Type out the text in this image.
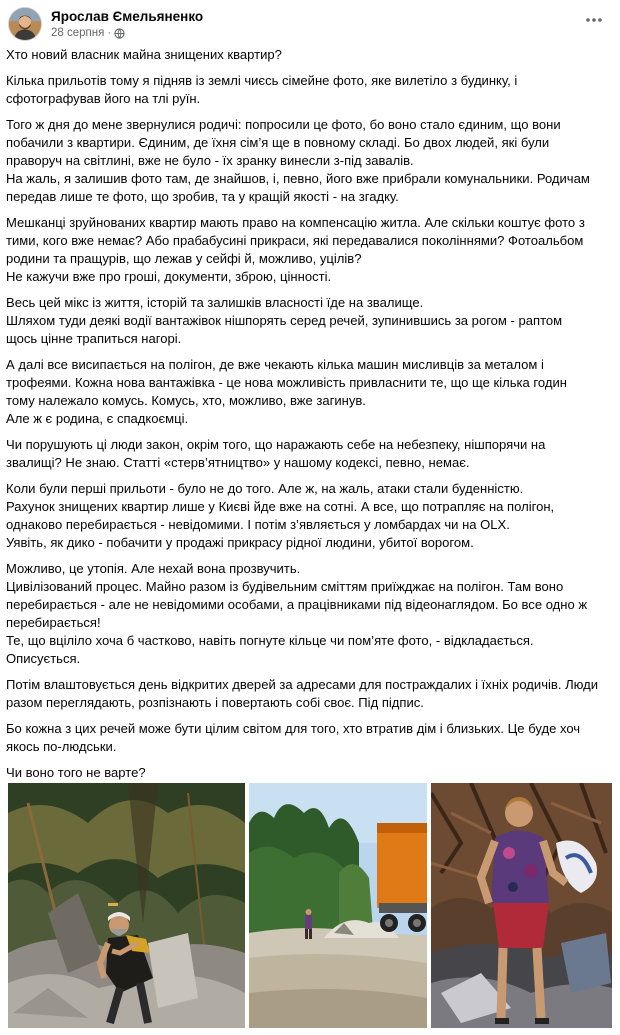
Ярослав Ємельяненко
28 серпня ·
Хто новий власник майна знищених квартир?
Кілька прильотів тому я підняв із землі чиєсь сімейне фото, яке вилетіло з будинку, і
сфотографував його на тлі руїн.
Того ж дня до мене звернулися родичі: попросили це фото, бо воно стало єдиним, що вони
побачили з квартири. Єдиним, де їхня сім’я ще в повному складі. Бо двох людей, які були
праворуч на світлині, вже не було - їх зранку винесли з-під завалів.
На жаль, я залишив фото там, де знайшов, і, певно, його вже прибрали комунальники. Родичам
передав лише те фото, що зробив, та у кращій якості - на згадку.
Мешканці зруйнованих квартир мають право на компенсацію житла. Але скільки коштує фото з
тими, кого вже немає? Або прабабусині прикраси, які передавалися поколіннями? Фотоальбом
родини та пращурів, що лежав у сейфі й, можливо, уцілів?
Не кажучи вже про гроші, документи, зброю, цінності.
Весь цей мікс із життя, історій та залишків власності їде на звалище.
Шляхом туди деякі водії вантажівок нішпорять серед речей, зупинившись за рогом - раптом
щось цінне трапиться нагорі.
А далі все висипається на полігон, де вже чекають кілька машин мисливців за металом і
трофеями. Кожна нова вантажівка - це нова можливість привласнити те, що ще кілька годин
тому належало комусь. Комусь, хто, можливо, вже загинув.
Але ж є родина, є спадкоємці.
Чи порушують ці люди закон, окрім того, що наражають себе на небезпеку, нішпорячи на
звалищі? Не знаю. Статті «стерв’ятництво» у нашому кодексі, певно, немає.
Коли були перші прильоти - було не до того. Але ж, на жаль, атаки стали буденністю.
Рахунок знищених квартир лише у Києві йде вже на сотні. А все, що потрапляє на полігон,
однаково перебирається - невідомими. І потім з’являється у ломбардах чи на OLX.
Уявіть, як дико - побачити у продажі прикрасу рідної людини, убитої ворогом.
Можливо, це утопія. Але нехай вона прозвучить.
Цивілізований процес. Майно разом із будівельним сміттям приїжджає на полігон. Там воно
перебирається - але не невідомими особами, а працівниками під відеонаглядом. Бо все одно ж
перебирається!
Те, що вціліло хоча б частково, навіть погнуте кільце чи пом’яте фото, - відкладається.
Описується.
Потім влаштовується день відкритих дверей за адресами для постраждалих і їхніх родичів. Люди
разом переглядають, розпізнають і повертають собі своє. Під підпис.
Бо кожна з цих речей може бути цілим світом для того, хто втратив дім і близьких. Це буде хоч
якось по-людськи.
Чи воно того не варте?
